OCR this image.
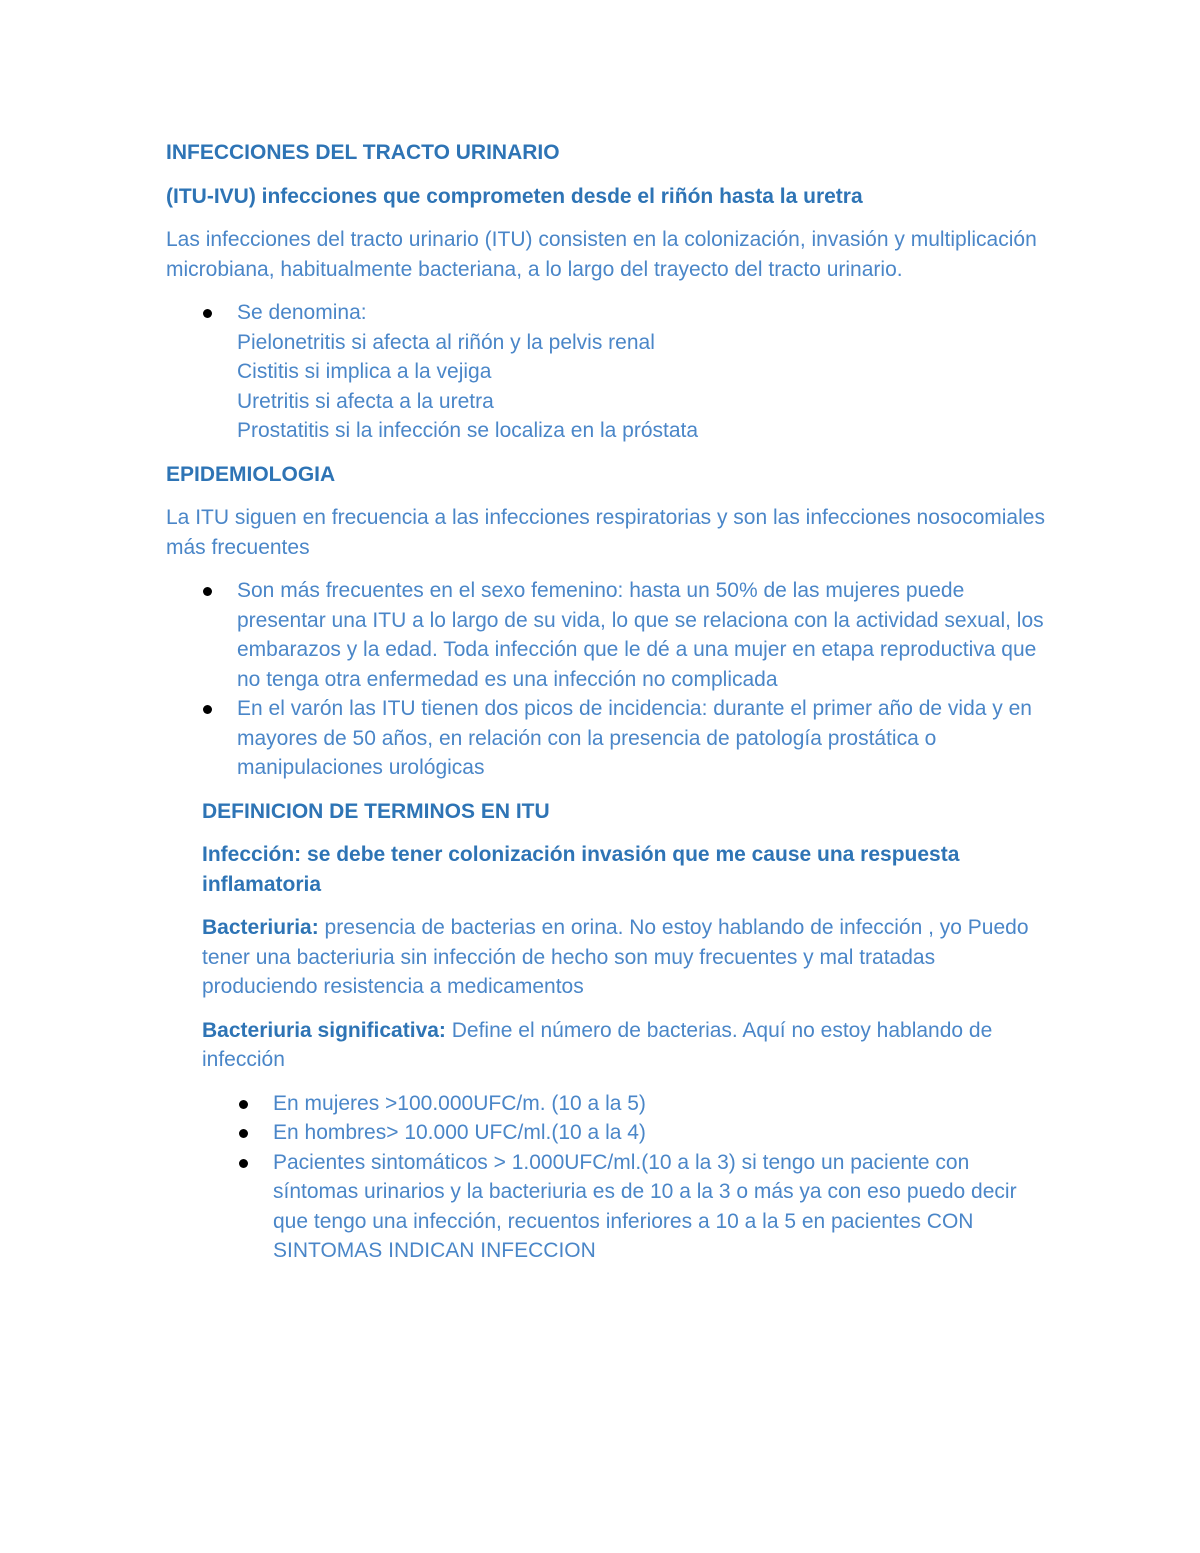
INFECCIONES DEL TRACTO URINARIO

(ITU-IVU) infecciones que comprometen desde el riñón hasta la uretra

Las infecciones del tracto urinario (ITU) consisten en la colonización, invasión y multiplicación microbiana, habitualmente bacteriana, a lo largo del trayecto del tracto urinario.

Se denomina:
Pielonetritis si afecta al riñón y la pelvis renal
Cistitis si implica a la vejiga
Uretritis si afecta a la uretra
Prostatitis si la infección se localiza en la próstata

EPIDEMIOLOGIA

La ITU siguen en frecuencia a las infecciones respiratorias y son las infecciones nosocomiales más frecuentes

Son más frecuentes en el sexo femenino: hasta un 50% de las mujeres puede presentar una ITU a lo largo de su vida, lo que se relaciona con la actividad sexual, los embarazos y la edad. Toda infección que le dé a una mujer en etapa reproductiva que no tenga otra enfermedad es una infección no complicada
En el varón las ITU tienen dos picos de incidencia: durante el primer año de vida y en mayores de 50 años, en relación con la presencia de patología prostática o manipulaciones urológicas

DEFINICION DE TERMINOS EN ITU

Infección: se debe tener colonización invasión que me cause una respuesta inflamatoria

Bacteriuria: presencia de bacterias en orina. No estoy hablando de infección , yo Puedo tener una bacteriuria sin infección de hecho son muy frecuentes y mal tratadas produciendo resistencia a medicamentos

Bacteriuria significativa: Define el número de bacterias. Aquí no estoy hablando de infección

En mujeres >100.000UFC/m. (10 a la 5)
En hombres> 10.000 UFC/ml.(10 a la 4)
Pacientes sintomáticos > 1.000UFC/ml.(10 a la 3) si tengo un paciente con síntomas urinarios y la bacteriuria es de 10 a la 3 o más ya con eso puedo decir que tengo una infección, recuentos inferiores a 10 a la 5 en pacientes CON SINTOMAS INDICAN INFECCION
